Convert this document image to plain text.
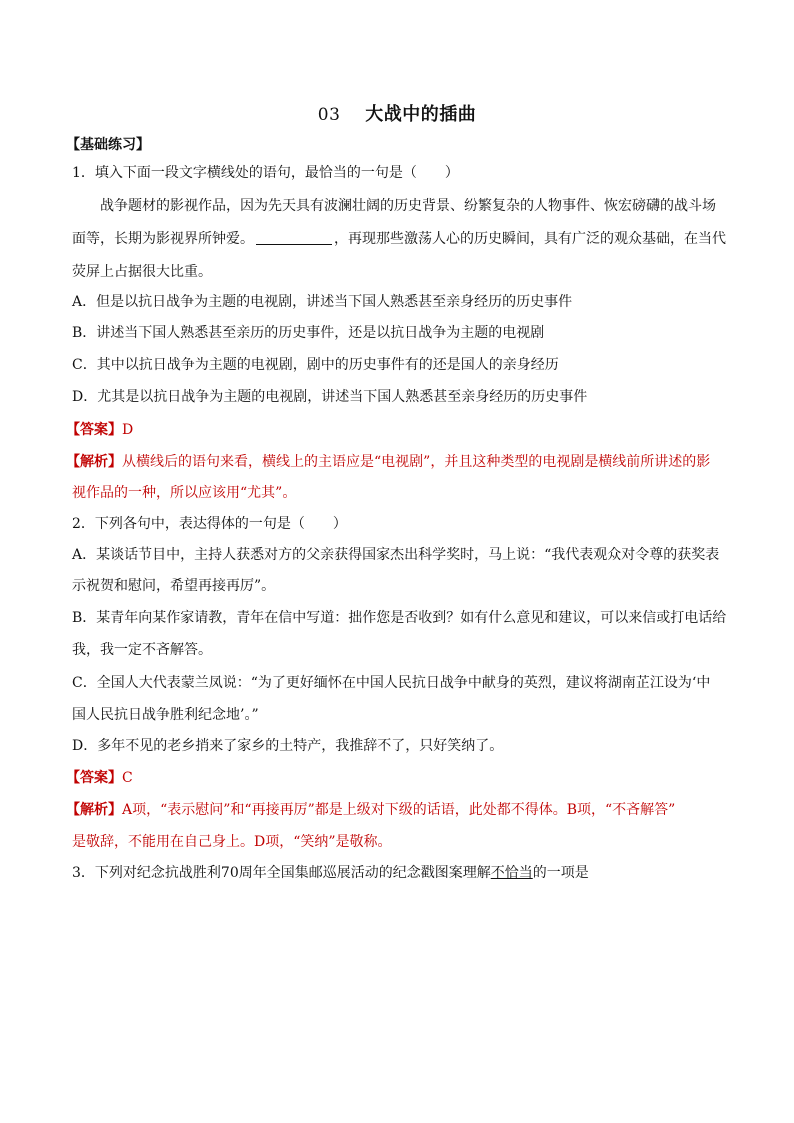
03 大战中的插曲
【基础练习】
1．填入下面一段文字横线处的语句，最恰当的一句是（　　）
战争题材的影视作品，因为先天具有波澜壮阔的历史背景、纷繁复杂的人物事件、恢宏磅礴的战斗场
面等，长期为影视界所钟爱。	，再现那些激荡人心的历史瞬间，具有广泛的观众基础，在当代
荧屏上占据很大比重。
A．但是以抗日战争为主题的电视剧，讲述当下国人熟悉甚至亲身经历的历史事件
B．讲述当下国人熟悉甚至亲历的历史事件，还是以抗日战争为主题的电视剧
C．其中以抗日战争为主题的电视剧，剧中的历史事件有的还是国人的亲身经历
D．尤其是以抗日战争为主题的电视剧，讲述当下国人熟悉甚至亲身经历的历史事件
【答案】D
【解析】从横线后的语句来看，横线上的主语应是“电视剧”，并且这种类型的电视剧是横线前所讲述的影
视作品的一种，所以应该用“尤其”。
2．下列各句中，表达得体的一句是（　　）
A．某谈话节目中，主持人获悉对方的父亲获得国家杰出科学奖时，马上说：“我代表观众对令尊的获奖表
示祝贺和慰问，希望再接再厉”。
B．某青年向某作家请教，青年在信中写道：拙作您是否收到？如有什么意见和建议，可以来信或打电话给
我，我一定不吝解答。
C．全国人大代表蒙兰凤说：“为了更好缅怀在中国人民抗日战争中献身的英烈，建议将湖南芷江设为‘中
国人民抗日战争胜利纪念地’。”
D．多年不见的老乡捎来了家乡的土特产，我推辞不了，只好笑纳了。
【答案】C
【解析】A项，“表示慰问”和“再接再厉”都是上级对下级的话语，此处都不得体。B项，“不吝解答”
是敬辞，不能用在自己身上。D项，“笑纳”是敬称。
3．下列对纪念抗战胜利70周年全国集邮巡展活动的纪念戳图案理解不恰当的一项是
